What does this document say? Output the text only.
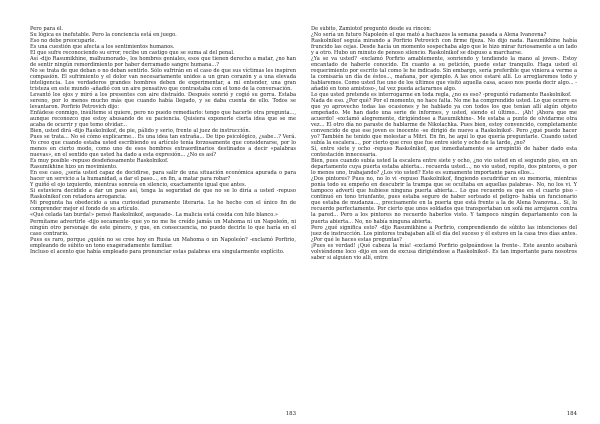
Pero para él.

Su lógica es inefutable. Pero la conciencia está en juego.

Eso no debe preocuparle.

Es una cuestión que afecta a los sentimientos humanos.

El que sufre reconociendo su error, recibe un castigo que se suma al del penal.

Así -dijo Rasumikhine, malhumorado-, los hombres geniales, esos que tienen derecho a matar, ¿no han de sentir ningún remordimiento por haber derramado sangre humana...?

No se trata de que deban o no deban sentirlo. Sólo sufrirán en el caso de que sus víctimas les inspiren compasión. El sufrimiento y el dolor van necesariamente unidos a un gran corazón y a una elevada inteligencia. Los verdaderos grandes hombres deben de experimentar, a mi entender, una gran tristeza en este mundo -añadió con un aire pensativo que contrastaba con el tono de la conversación.

Levantó los ojos y miró a los presentes con aire distraído. Después sonrió y cogió su gorra. Estaba sereno, por lo menos mucho más que cuando había llegado, y se daba cuenta de ello. Todos se levantaron. Porfirio Petrovich dijo:

Enfádese conmigo, insúlteme si quiere, pero no puedo remediarlo: tengo que hacerle otra pregunta..., aunque reconozco que estoy abusando de su paciencia. Quisiera exponerle cierta idea que se me acaba de ocurrir y que temo olvidar...

Bien, usted dirá -dijo Raskolnikof, de pie, pálido y serio, frente al juez de instrucción.

Pues se trata... No sé cómo explicarme... Es una idea tan extraña... De tipo psicológico, ¿sabe...? Verá. Yo creo que cuando estaba usted escribiendo su artículo tenía forzosamente que considerarse, por lo menos en cierto modo, como uno de esos hombres extraordinarios destinados a decir «palabras nuevas», en el sentido que usted ha dado a esta expresión... ¿No es así?

Es muy posible -repuso desdeñosamente Raskolnikof.

Rasumikhine hizo un movimiento.

En ese caso, ¿sería usted capaz de decidirse, para salir de una situación económica apurada o para hacer un servicio a la humanidad, a dar el paso..., en fin, a matar para robar?

Y guiñó el ojo izquierdo, mientras sonreía en silencio, exactamente igual que antes.

Si estuviera decidido a dar un paso así, tenga la seguridad de que no se lo diría a usted -repuso Raskolnikof con retadora arrogancia.

Mi pregunta ha obedecido a una curiosidad puramente literaria. Le he hecho con el único fin de comprender mejor el fondo de su artículo.

«Qué celada tan burda!» pensó Raskolnikof, asqueado-. La malicia está cosida con hilo blanco.»

Permítame advertirle -dijo secamente- que yo no me he creído jamás un Mahoma ni un Napoleón, ni ningún otro personaje de este género, y que, en consecuencia, no puedo decirle lo que haría en el caso contrario.

Pues es raro, porque ¿quién no se cree hoy en Rusia un Mahoma o un Napoleón? -exclamó Porfirio, empleando de súbito un tono exageradamente familiar.

Incluso el acento que había empleado para pronunciar estas palabras era singularmente explícito.

183

De súbito, Zamiotof preguntó desde su rincón:

¿No sería un futuro Napoleón el que mató a hachazos la semana pasada a Alena Ivanovna?

Raskolnikof seguía mirando a Porfirio Petrovich con firme fijeza. No dijo nada. Rasumikhine había fruncido las cejas. Desde hacía un momento sospechaba algo que le hizo mirar furiosamente a un lado y a otro. Hubo un minuto de penoso silencio. Raskolnikof se dispuso a marcharse.

¿Ya se va usted? -exclamó Porfirio amablemente, sonriendo y tendiendo la mano al joven-. Estoy encantado de haberle conocido. En cuanto a su petición, puede estar tranquilo. Haga usted el requerimiento por escrito tal como le he indicado. Sin embargo, sería preferible que viniera a verme a la comisaría un día de éstos..., mañana, por ejemplo. A las once estaré allí. Lo arreglaremos todo y hablaremos. Como usted fue uno de los últimos que visitó aquella casa, acaso nos pueda decir algo... -añadió en tono amistoso-, tal vez pueda aclararnos algo.

Lo que usted pretende es interrogarme en toda regla, ¿no es eso? -preguntó rudamente Raskolnikof.

Nada de eso. ¿Por qué? Por el momento, no hace falta. No me ha comprendido usted. Lo que ocurre es que yo aprovecho todas las ocasiones y he hablado ya con todos los que tenían allí algún objeto empeñado. Me han dado una serie de informes, y usted, siendo el último... ¡Ah! ¡Ahora que me acuerdo! -exclamó alegremente, dirigiéndose a Rasumikhine-. Me estaba a punto de olvidarme otra vez... El otro día no paraste de hablarme de Nikolachka. Pues bien, estoy convencido, completamente convencido de que ese joven es inocente -se dirigió de nuevo a Raskolnikof-. Pero ¿qué puedo hacer yo? También he tenido que molestar a Mitri. En fin, he aquí lo que quería preguntarle. Cuando usted subía la escalera..., por cierto que creo que fue entre siete y ocho de la tarde, ¿no?

Sí, entre siete y ocho -repuso Raskolnikof, que inmediatamente se arrepintió de haber dado esta contestación innecesaria.

Bien, pues cuando subía usted la escalera entre siete y ocho, ¿no vio usted en el segundo piso, en un departamento cuya puerta estaba abierta... recuerda usted..., no vio usted, repito, dos pintores, o por lo menos uno, trabajando? ¿Los vio usted? Esto es sumamente importante para ellos...

¿Dos pintores? Pues no, no lo vi -repuso Raskolnikof, fingiendo escudriñar en su memoria, mientras ponía todo su empeño en descubrir la trampa que se ocultaba en aquellas palabras-. No, no los vi. Y tampoco advertí que hubiese ninguna puerta abierta... Lo que recuerdo es que en el cuarto piso -continuó en tono triunfante, pues estaba seguro de haber sorteado el peligro- había un funcionario que estaba de mudanza..., precisamente en la puerta que está frente a la de Alena Ivanovna... Sí, lo recuerdo perfectamente. Por cierto que unos soldados que transportaban un sofá me arrojaron contra la pared... Pero a los pintores no recuerdo haberlos visto. Y tampoco ningún departamento con la puerta abierta... No, no había ninguna abierta.

Pero ¿qué significa esto? -dijo Rasumikhine a Porfirio, comprendiendo de súbito las intenciones del juez de instrucción. Los pintores trabajaban allí el día del suceso y él estuvo en la casa tres días antes. ¿Por qué le haces estas preguntas?

¡Pues es verdad! ¡Qué cabeza la mía! -exclamó Porfirio golpeándose la frente-. Este asunto acabará volviéndome loco -dijo en son de excusa dirigiéndose a Raskolnikof-. Es tan importante para nosotros saber si alguien vio allí, entre

184
